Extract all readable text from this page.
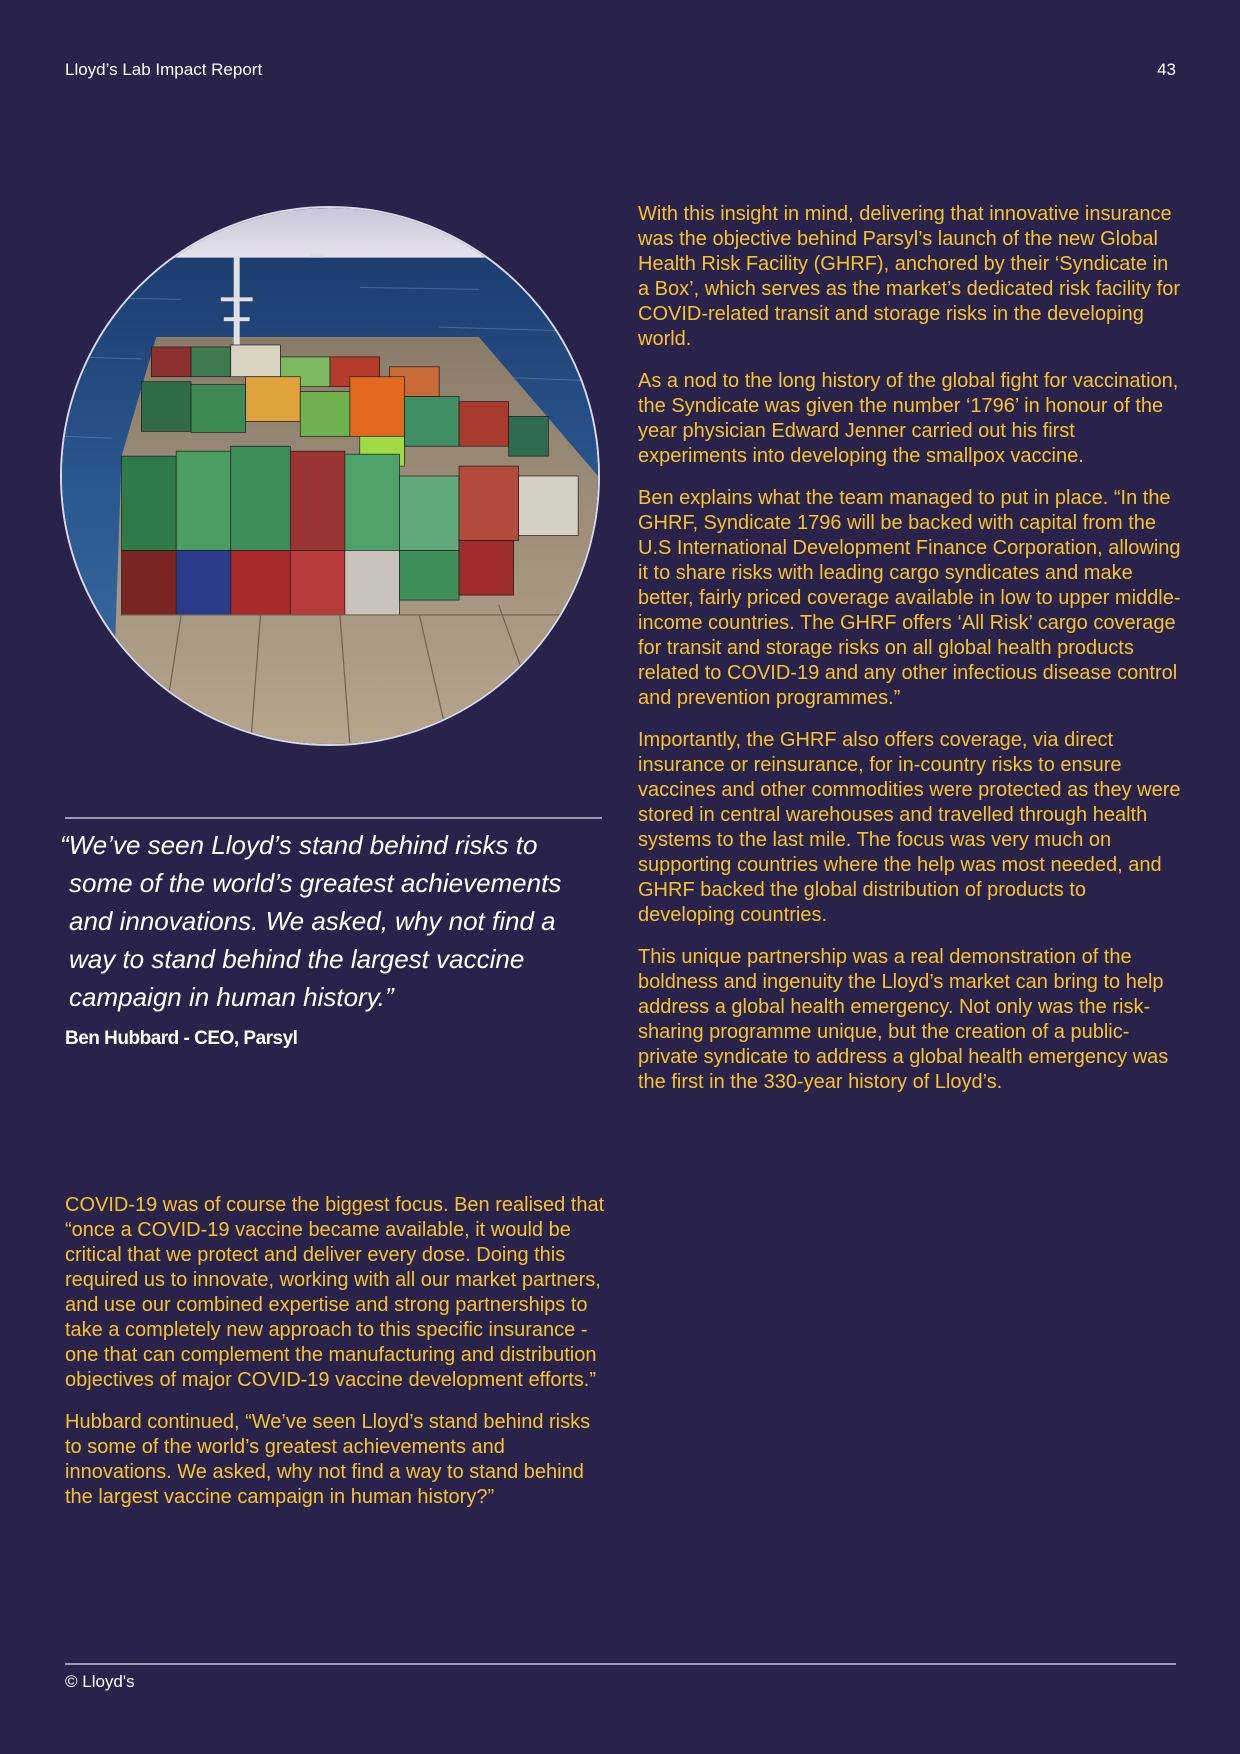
Lloyd’s Lab Impact Report	43
“We’ve seen Lloyd’s stand behind risks to some of the world’s greatest achievements and innovations. We asked, why not find a way to stand behind the largest vaccine campaign in human history.”
Ben Hubbard - CEO, Parsyl

COVID-19 was of course the biggest focus. Ben realised that “once a COVID-19 vaccine became available, it would be critical that we protect and deliver every dose. Doing this required us to innovate, working with all our market partners, and use our combined expertise and strong partnerships to take a completely new approach to this specific insurance - one that can complement the manufacturing and distribution objectives of major COVID-19 vaccine development efforts.”

Hubbard continued, “We’ve seen Lloyd’s stand behind risks to some of the world’s greatest achievements and innovations. We asked, why not find a way to stand behind the largest vaccine campaign in human history?”

With this insight in mind, delivering that innovative insurance was the objective behind Parsyl’s launch of the new Global Health Risk Facility (GHRF), anchored by their ‘Syndicate in a Box’, which serves as the market’s dedicated risk facility for COVID-related transit and storage risks in the developing world.

As a nod to the long history of the global fight for vaccination, the Syndicate was given the number ‘1796’ in honour of the year physician Edward Jenner carried out his first experiments into developing the smallpox vaccine.

Ben explains what the team managed to put in place. “In the GHRF, Syndicate 1796 will be backed with capital from the U.S International Development Finance Corporation, allowing it to share risks with leading cargo syndicates and make better, fairly priced coverage available in low to upper middle-income countries. The GHRF offers ‘All Risk’ cargo coverage for transit and storage risks on all global health products related to COVID-19 and any other infectious disease control and prevention programmes.”

Importantly, the GHRF also offers coverage, via direct insurance or reinsurance, for in-country risks to ensure vaccines and other commodities were protected as they were stored in central warehouses and travelled through health systems to the last mile. The focus was very much on supporting countries where the help was most needed, and GHRF backed the global distribution of products to developing countries.

This unique partnership was a real demonstration of the boldness and ingenuity the Lloyd’s market can bring to help address a global health emergency. Not only was the risk-sharing programme unique, but the creation of a public-private syndicate to address a global health emergency was the first in the 330-year history of Lloyd’s.

© Lloyd's
